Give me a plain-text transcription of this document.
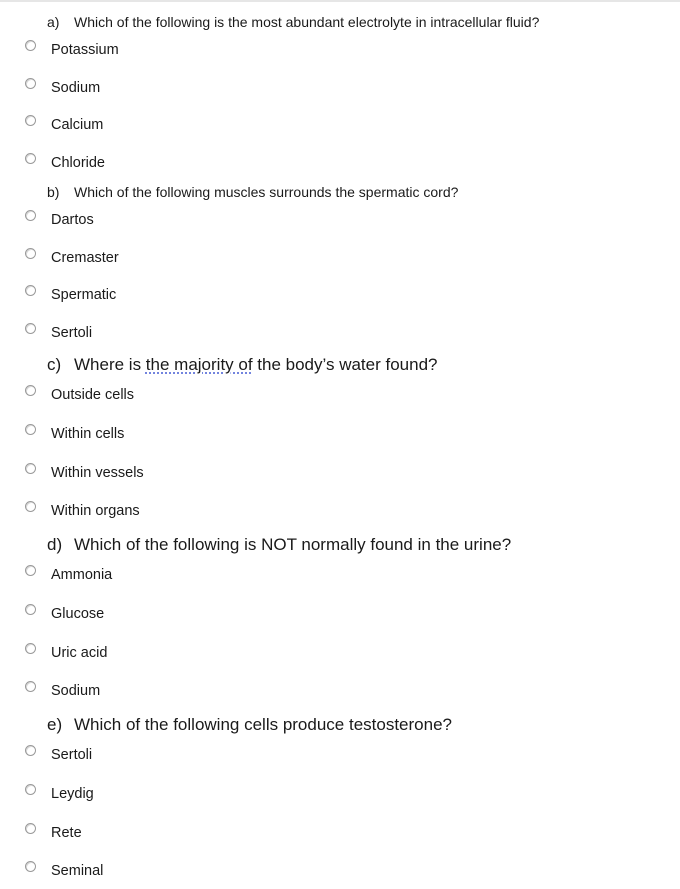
a) Which of the following is the most abundant electrolyte in intracellular fluid?
Potassium
Sodium
Calcium
Chloride
b) Which of the following muscles surrounds the spermatic cord?
Dartos
Cremaster
Spermatic
Sertoli
c) Where is the majority of the body’s water found?
Outside cells
Within cells
Within vessels
Within organs
d) Which of the following is NOT normally found in the urine?
Ammonia
Glucose
Uric acid
Sodium
e) Which of the following cells produce testosterone?
Sertoli
Leydig
Rete
Seminal
